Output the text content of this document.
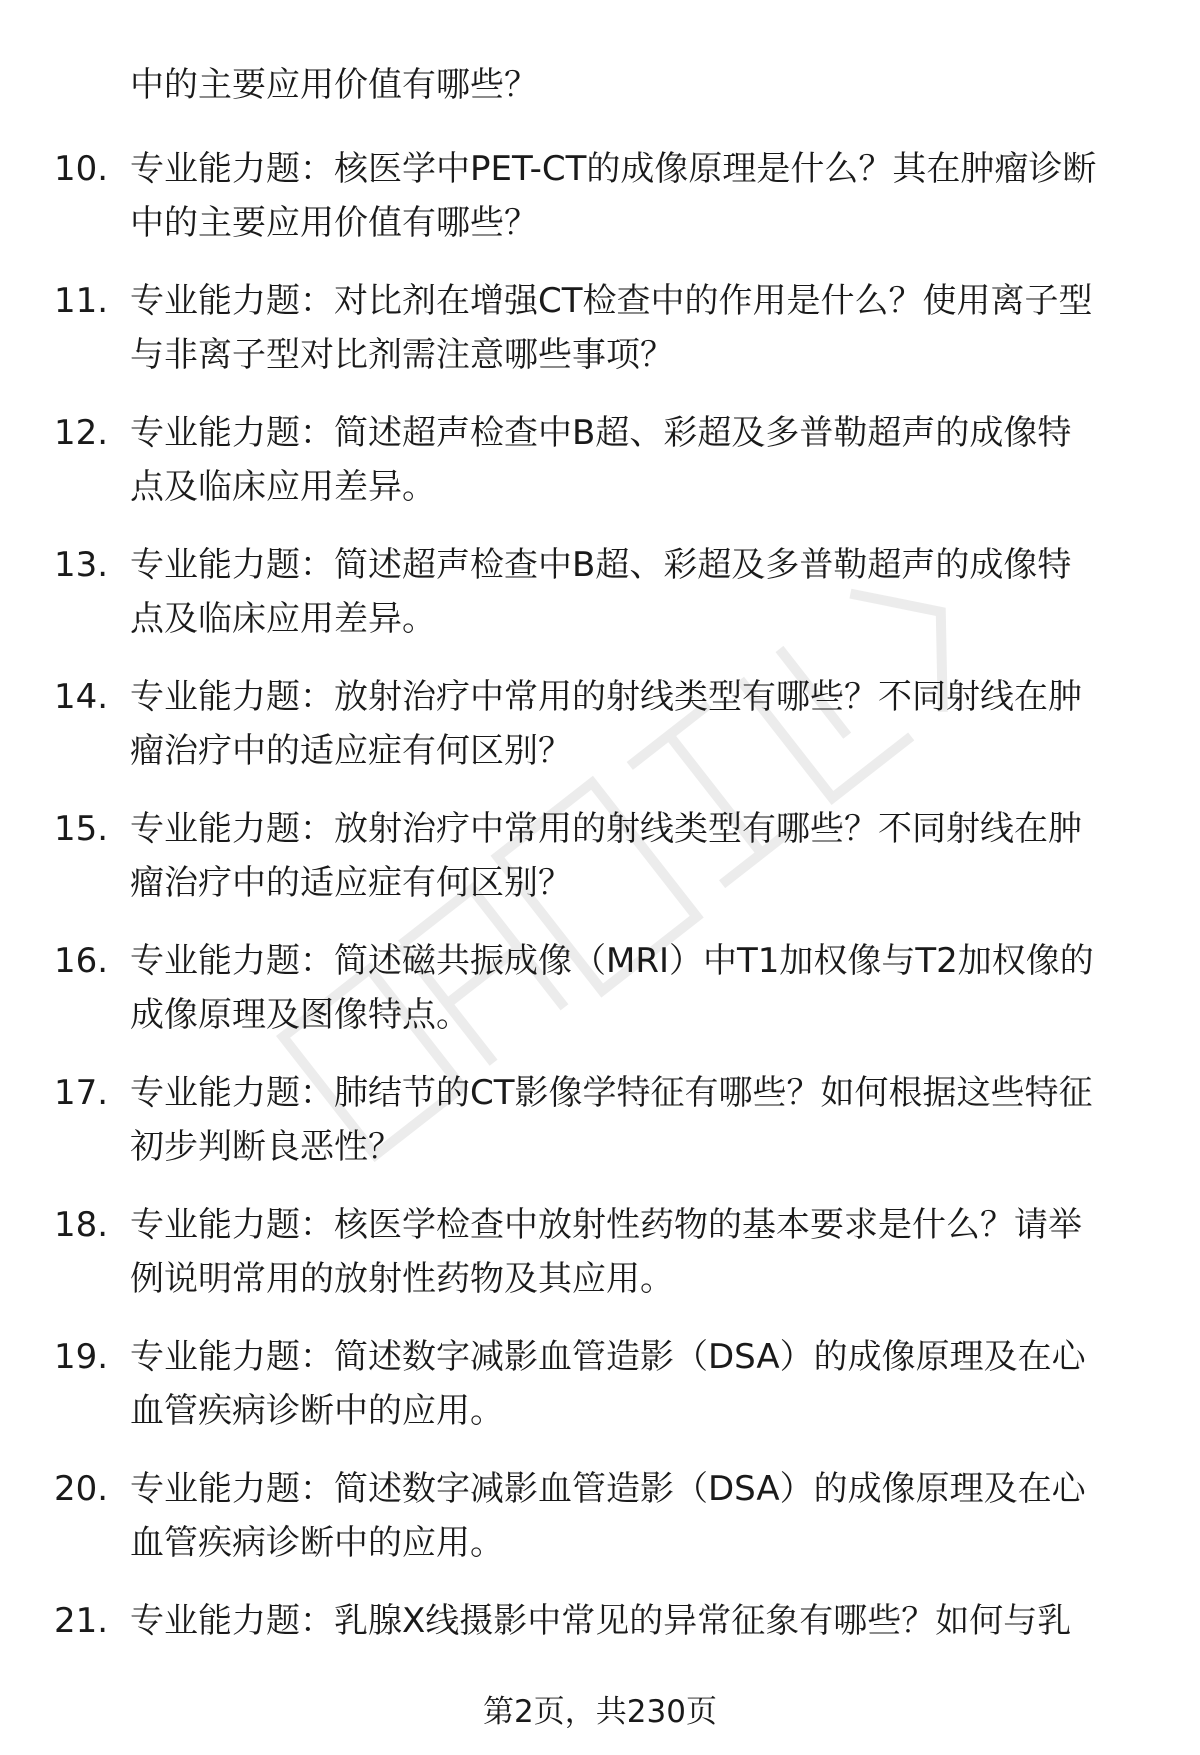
中的主要应用价值有哪些？
10. 专业能力题：核医学中PET-CT的成像原理是什么？其在肿瘤诊断
中的主要应用价值有哪些？
11. 专业能力题：对比剂在增强CT检查中的作用是什么？使用离子型
与非离子型对比剂需注意哪些事项？
12. 专业能力题：简述超声检查中B超、彩超及多普勒超声的成像特
点及临床应用差异。
13. 专业能力题：简述超声检查中B超、彩超及多普勒超声的成像特
点及临床应用差异。
14. 专业能力题：放射治疗中常用的射线类型有哪些？不同射线在肿
瘤治疗中的适应症有何区别？
15. 专业能力题：放射治疗中常用的射线类型有哪些？不同射线在肿
瘤治疗中的适应症有何区别？
16. 专业能力题：简述磁共振成像（MRI）中T1加权像与T2加权像的
成像原理及图像特点。
17. 专业能力题：肺结节的CT影像学特征有哪些？如何根据这些特征
初步判断良恶性？
18. 专业能力题：核医学检查中放射性药物的基本要求是什么？请举
例说明常用的放射性药物及其应用。
19. 专业能力题：简述数字减影血管造影（DSA）的成像原理及在心
血管疾病诊断中的应用。
20. 专业能力题：简述数字减影血管造影（DSA）的成像原理及在心
血管疾病诊断中的应用。
21. 专业能力题：乳腺X线摄影中常见的异常征象有哪些？如何与乳
第2页，共230页
